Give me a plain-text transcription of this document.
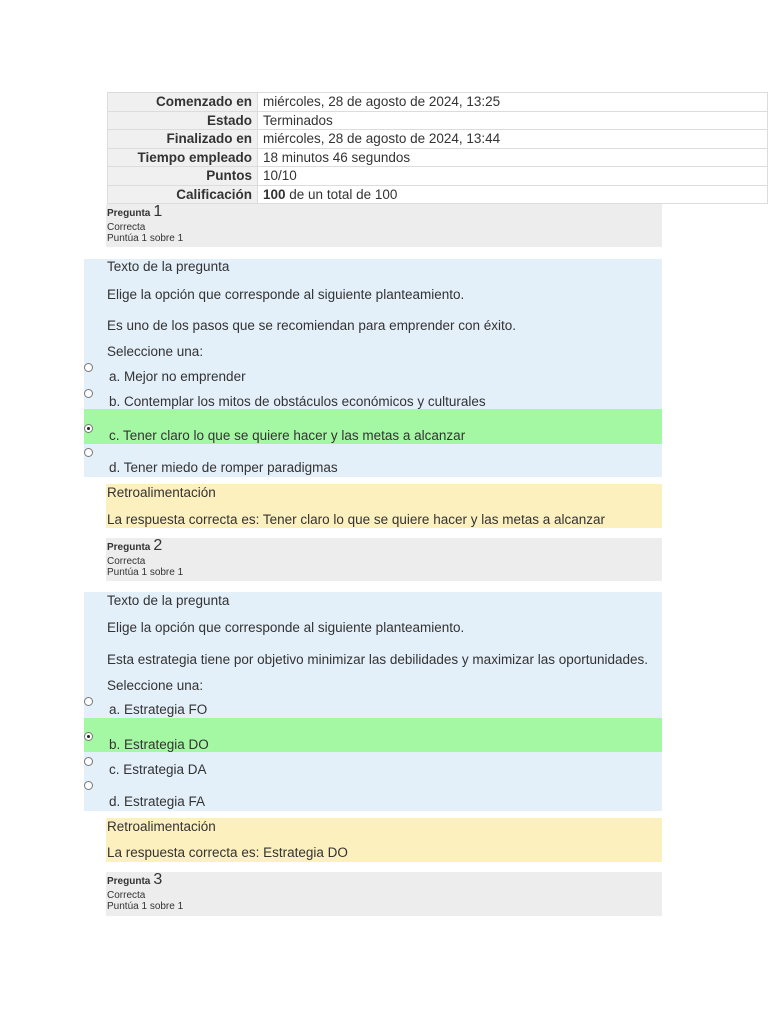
Comenzado en	miércoles, 28 de agosto de 2024, 13:25
Estado	Terminados
Finalizado en	miércoles, 28 de agosto de 2024, 13:44
Tiempo empleado	18 minutos 46 segundos
Puntos	10/10
Calificación	100 de un total de 100
Pregunta 1
Correcta
Puntúa 1 sobre 1
Texto de la pregunta
Elige la opción que corresponde al siguiente planteamiento.
Es uno de los pasos que se recomiendan para emprender con éxito.
Seleccione una:
a. Mejor no emprender
b. Contemplar los mitos de obstáculos económicos y culturales
c. Tener claro lo que se quiere hacer y las metas a alcanzar
d. Tener miedo de romper paradigmas
Retroalimentación
La respuesta correcta es: Tener claro lo que se quiere hacer y las metas a alcanzar
Pregunta 2
Correcta
Puntúa 1 sobre 1
Texto de la pregunta
Elige la opción que corresponde al siguiente planteamiento.
Esta estrategia tiene por objetivo minimizar las debilidades y maximizar las oportunidades.
Seleccione una:
a. Estrategia FO
b. Estrategia DO
c. Estrategia DA
d. Estrategia FA
Retroalimentación
La respuesta correcta es: Estrategia DO
Pregunta 3
Correcta
Puntúa 1 sobre 1
